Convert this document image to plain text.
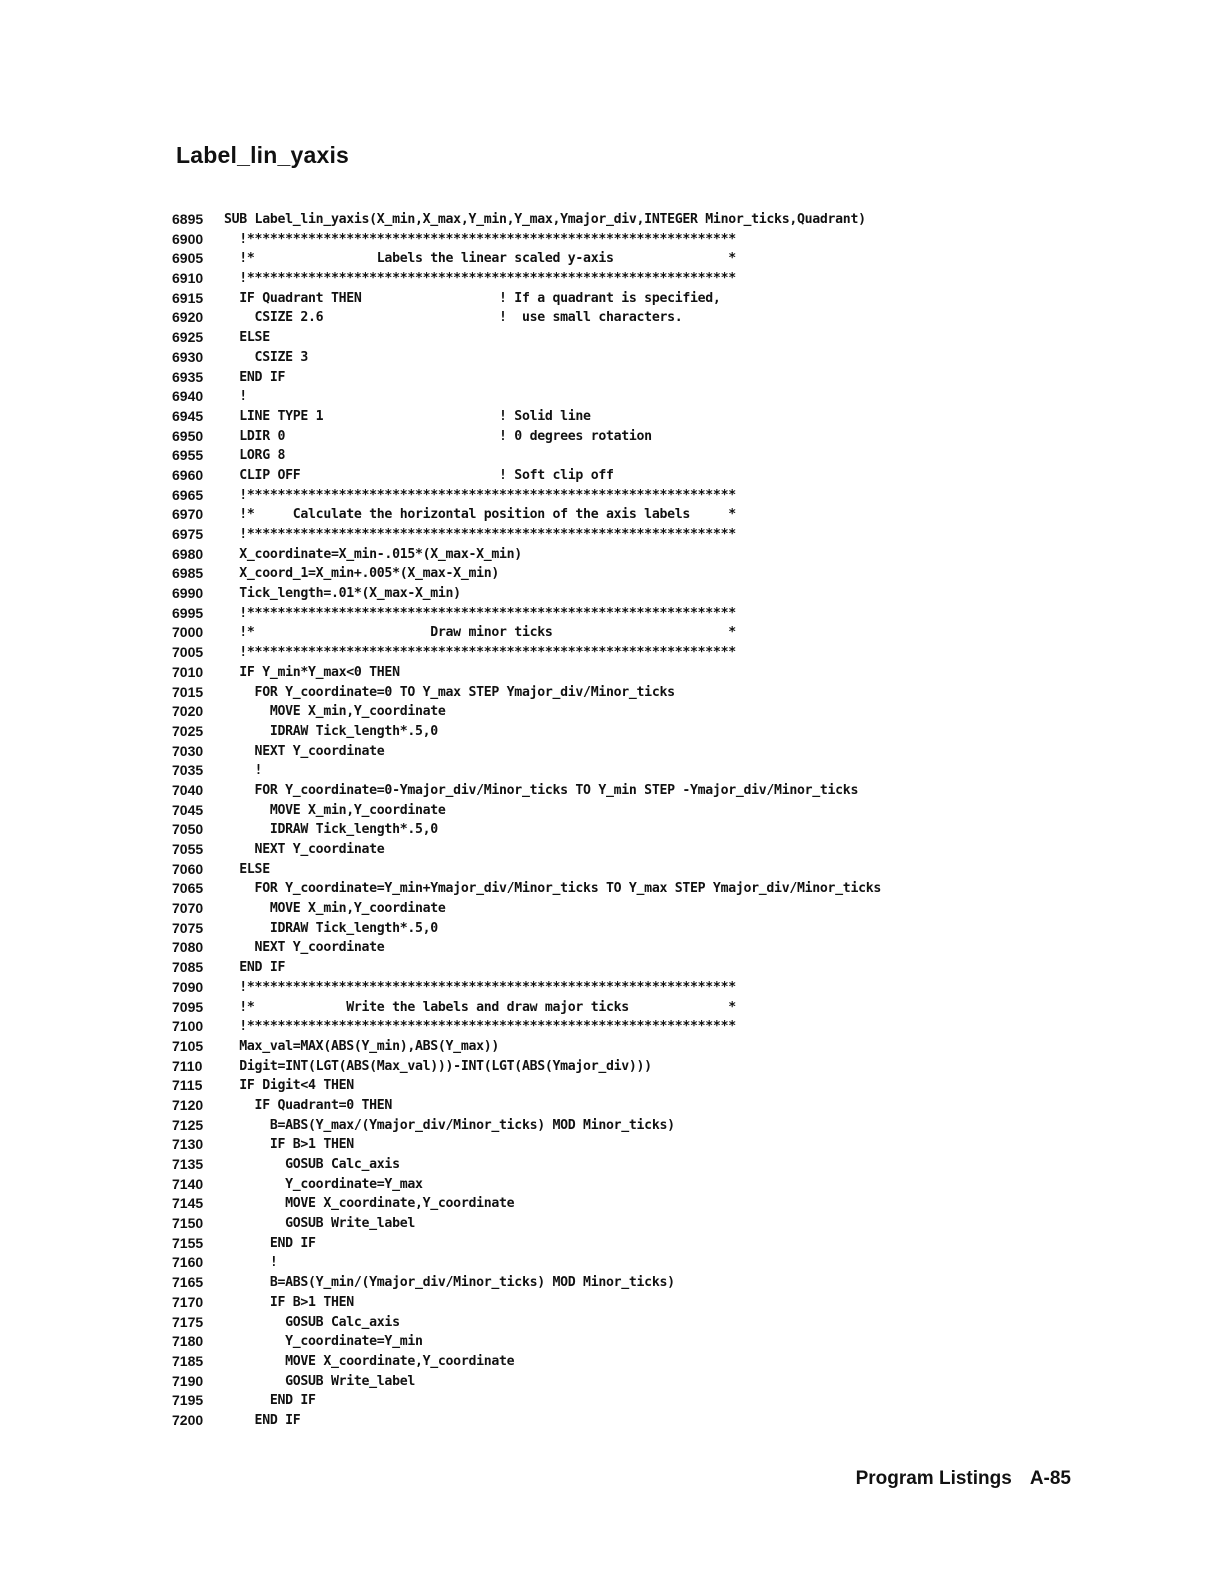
Label_lin_yaxis
6895	SUB Label_lin_yaxis(X_min,X_max,Y_min,Y_max,Ymajor_div,INTEGER Minor_ticks,Quadrant)
6900	!****************************************************************
6905	!*                Labels the linear scaled y-axis               *
6910	!****************************************************************
6915	IF Quadrant THEN                  ! If a quadrant is specified,
6920	CSIZE 2.6                       !  use small characters.
6925	ELSE
6930	CSIZE 3
6935	END IF
6940	!
6945	LINE TYPE 1                       ! Solid line
6950	LDIR 0                            ! 0 degrees rotation
6955	LORG 8
6960	CLIP OFF                          ! Soft clip off
6965	!****************************************************************
6970	!*     Calculate the horizontal position of the axis labels     *
6975	!****************************************************************
6980	X_coordinate=X_min-.015*(X_max-X_min)
6985	X_coord_1=X_min+.005*(X_max-X_min)
6990	Tick_length=.01*(X_max-X_min)
6995	!****************************************************************
7000	!*                       Draw minor ticks                       *
7005	!****************************************************************
7010	IF Y_min*Y_max<0 THEN
7015	FOR Y_coordinate=0 TO Y_max STEP Ymajor_div/Minor_ticks
7020	MOVE X_min,Y_coordinate
7025	IDRAW Tick_length*.5,0
7030	NEXT Y_coordinate
7035	!
7040	FOR Y_coordinate=0-Ymajor_div/Minor_ticks TO Y_min STEP -Ymajor_div/Minor_ticks
7045	MOVE X_min,Y_coordinate
7050	IDRAW Tick_length*.5,0
7055	NEXT Y_coordinate
7060	ELSE
7065	FOR Y_coordinate=Y_min+Ymajor_div/Minor_ticks TO Y_max STEP Ymajor_div/Minor_ticks
7070	MOVE X_min,Y_coordinate
7075	IDRAW Tick_length*.5,0
7080	NEXT Y_coordinate
7085	END IF
7090	!****************************************************************
7095	!*            Write the labels and draw major ticks             *
7100	!****************************************************************
7105	Max_val=MAX(ABS(Y_min),ABS(Y_max))
7110	Digit=INT(LGT(ABS(Max_val)))-INT(LGT(ABS(Ymajor_div)))
7115	IF Digit<4 THEN
7120	IF Quadrant=0 THEN
7125	B=ABS(Y_max/(Ymajor_div/Minor_ticks) MOD Minor_ticks)
7130	IF B>1 THEN
7135	GOSUB Calc_axis
7140	Y_coordinate=Y_max
7145	MOVE X_coordinate,Y_coordinate
7150	GOSUB Write_label
7155	END IF
7160	!
7165	B=ABS(Y_min/(Ymajor_div/Minor_ticks) MOD Minor_ticks)
7170	IF B>1 THEN
7175	GOSUB Calc_axis
7180	Y_coordinate=Y_min
7185	MOVE X_coordinate,Y_coordinate
7190	GOSUB Write_label
7195	END IF
7200	END IF
Program Listings A-85
